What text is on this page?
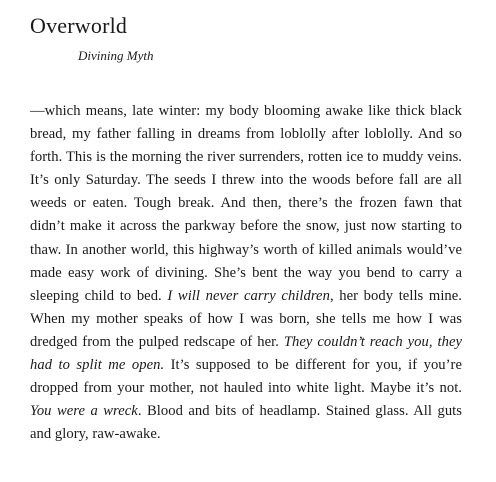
Overworld
Divining Myth
—which means, late winter: my body blooming awake like thick black bread, my father falling in dreams from loblolly after loblolly. And so forth. This is the morning the river surrenders, rotten ice to muddy veins. It’s only Saturday. The seeds I threw into the woods before fall are all weeds or eaten. Tough break. And then, there’s the frozen fawn that didn’t make it across the parkway before the snow, just now starting to thaw. In another world, this highway’s worth of killed animals would’ve made easy work of divining. She’s bent the way you bend to carry a sleeping child to bed. I will never carry children, her body tells mine. When my mother speaks of how I was born, she tells me how I was dredged from the pulped redscape of her. They couldn’t reach you, they had to split me open. It’s supposed to be different for you, if you’re dropped from your mother, not hauled into white light. Maybe it’s not. You were a wreck. Blood and bits of headlamp. Stained glass. All guts and glory, raw-awake.
